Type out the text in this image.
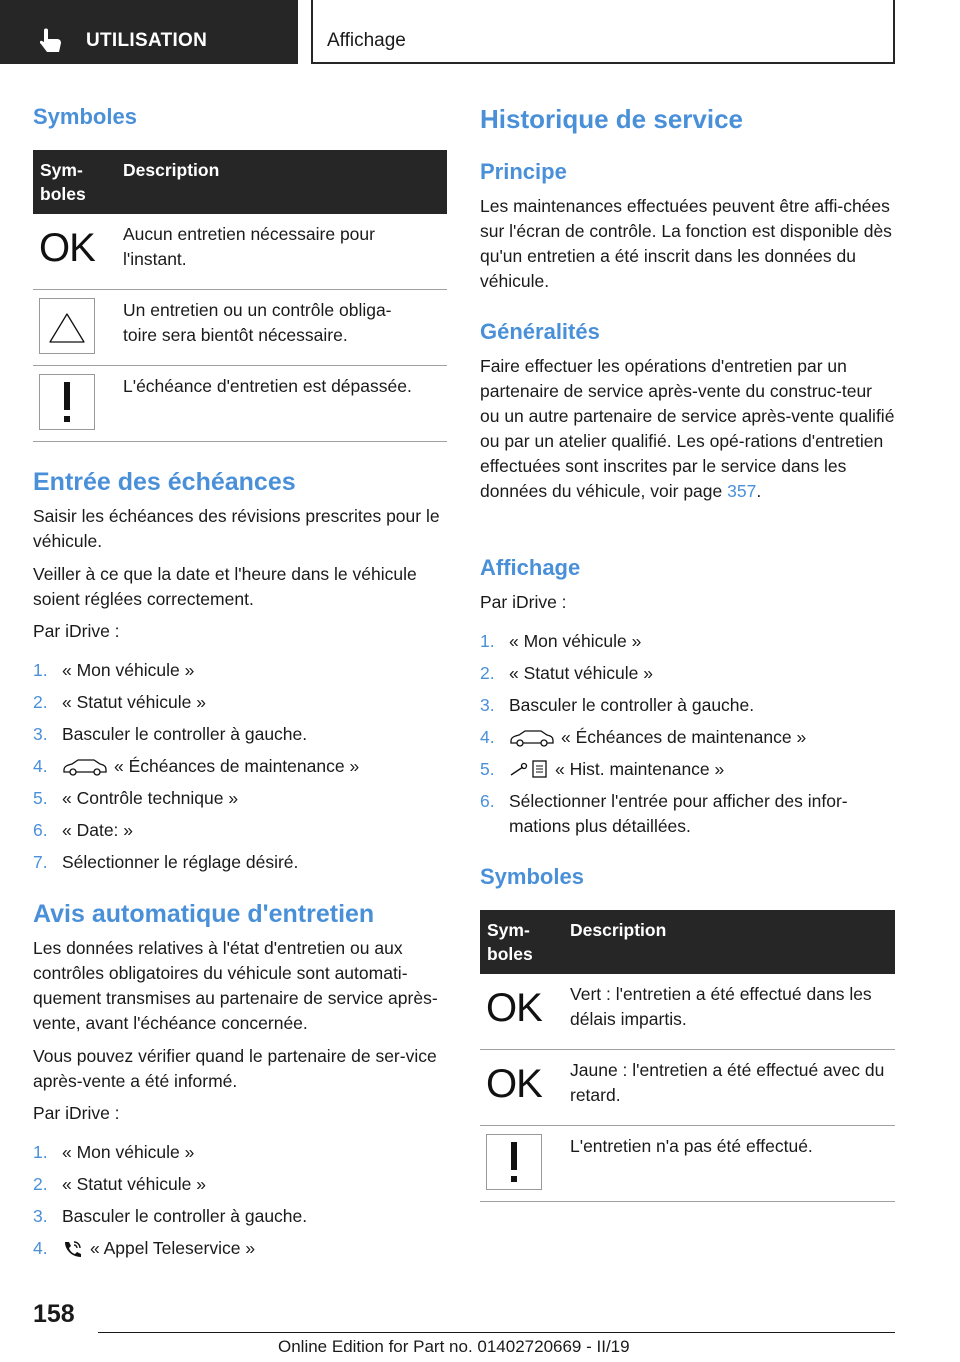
UTILISATION	Affichage
Symboles
Sym-
boles
Description
OK Aucun entretien nécessaire pour l'instant.
Un entretien ou un contrôle obliga-
toire sera bientôt nécessaire.
L'échéance d'entretien est dépassée.
Entrée des échéances
Saisir les échéances des révisions prescrites pour le véhicule.
Veiller à ce que la date et l'heure dans le véhicule soient réglées correctement.
Par iDrive :
1. « Mon véhicule »
2. « Statut véhicule »
3. Basculer le controller à gauche.
4.	« Échéances de maintenance »
5. « Contrôle technique »
6. « Date: »
7. Sélectionner le réglage désiré.
Avis automatique d'entretien
Les données relatives à l'état d'entretien ou aux contrôles obligatoires du véhicule sont automati-quement transmises au partenaire de service après-vente, avant l'échéance concernée.
Vous pouvez vérifier quand le partenaire de ser-vice après-vente a été informé.
Par iDrive :
1. « Mon véhicule »
2. « Statut véhicule »
3. Basculer le controller à gauche.
4. « Appel Teleservice »
Historique de service
Principe
Les maintenances effectuées peuvent être affi-chées sur l'écran de contrôle. La fonction est disponible dès qu'un entretien a été inscrit dans les données du véhicule.
Généralités
Faire effectuer les opérations d'entretien par un partenaire de service après-vente du construc-teur ou un autre partenaire de service après-vente qualifié ou par un atelier qualifié. Les opé-rations d'entretien effectuées sont inscrites par le service dans les données du véhicule, voir page 357.
Affichage
Par iDrive :
1. « Mon véhicule »
2. « Statut véhicule »
3. Basculer le controller à gauche.
4.	« Échéances de maintenance »
5.	« Hist. maintenance »
6. Sélectionner l'entrée pour afficher des infor-mations plus détaillées.
Symboles
Sym-
boles
Description
OK Vert : l'entretien a été effectué dans les délais impartis.
OK Jaune : l'entretien a été effectué avec du retard.
L'entretien n'a pas été effectué.
158
Online Edition for Part no. 01402720669 - II/19
